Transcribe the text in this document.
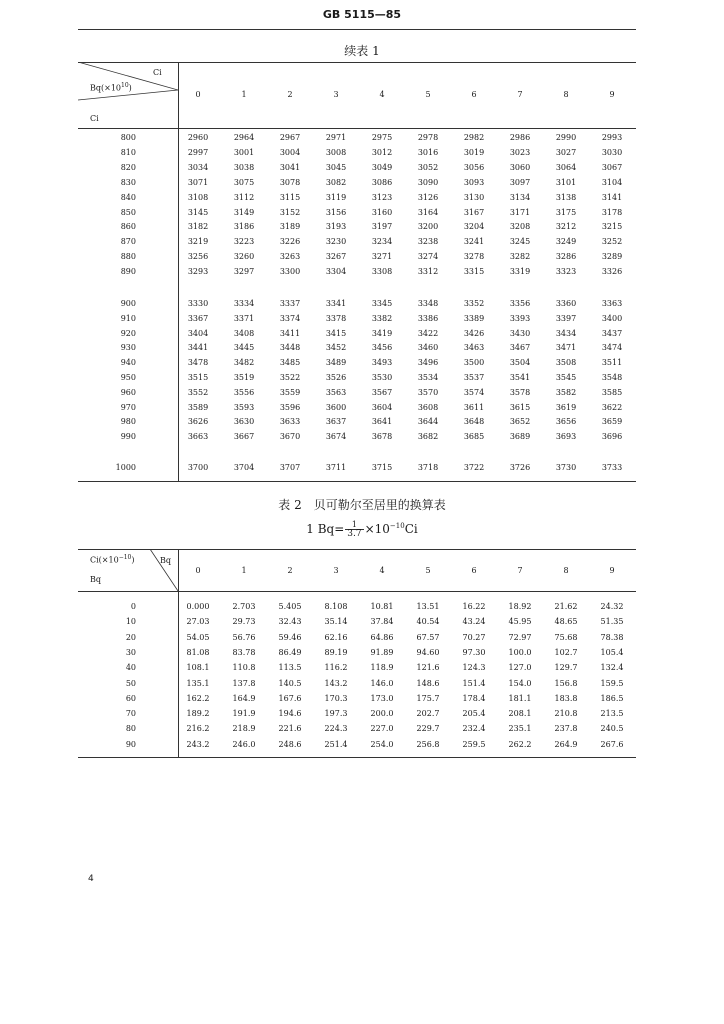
GB 5115—85
续表 1
Ci
$Bq(\times 10^{10})$
Ci
0	1	2	3	4	5	6	7	8	9
800	2960	2964	2967	2971	2975	2978	2982	2986	2990	2993
810	2997	3001	3004	3008	3012	3016	3019	3023	3027	3030
820	3034	3038	3041	3045	3049	3052	3056	3060	3064	3067
830	3071	3075	3078	3082	3086	3090	3093	3097	3101	3104
840	3108	3112	3115	3119	3123	3126	3130	3134	3138	3141
850	3145	3149	3152	3156	3160	3164	3167	3171	3175	3178
860	3182	3186	3189	3193	3197	3200	3204	3208	3212	3215
870	3219	3223	3226	3230	3234	3238	3241	3245	3249	3252
880	3256	3260	3263	3267	3271	3274	3278	3282	3286	3289
890	3293	3297	3300	3304	3308	3312	3315	3319	3323	3326
900	3330	3334	3337	3341	3345	3348	3352	3356	3360	3363
910	3367	3371	3374	3378	3382	3386	3389	3393	3397	3400
920	3404	3408	3411	3415	3419	3422	3426	3430	3434	3437
930	3441	3445	3448	3452	3456	3460	3463	3467	3471	3474
940	3478	3482	3485	3489	3493	3496	3500	3504	3508	3511
950	3515	3519	3522	3526	3530	3534	3537	3541	3545	3548
960	3552	3556	3559	3563	3567	3570	3574	3578	3582	3585
970	3589	3593	3596	3600	3604	3608	3611	3615	3619	3622
980	3626	3630	3633	3637	3641	3644	3648	3652	3656	3659
990	3663	3667	3670	3674	3678	3682	3685	3689	3693	3696
1000	3700	3704	3707	3711	3715	3718	3722	3726	3730	3733
表 2　贝可勒尔至居里的换算表
1 $Bq= \frac{1}{3.7} \times 10^{-10}Ci$
$Ci(\times 10^{-10})$	Bq
Bq
0	1	2	3	4	5	6	7	8	9
0	0.000	2.703	5.405	8.108	10.81	13.51	16.22	18.92	21.62	24.32
10	27.03	29.73	32.43	35.14	37.84	40.54	43.24	45.95	48.65	51.35
20	54.05	56.76	59.46	62.16	64.86	67.57	70.27	72.97	75.68	78.38
30	81.08	83.78	86.49	89.19	91.89	94.60	97.30	100.0	102.7	105.4
40	108.1	110.8	113.5	116.2	118.9	121.6	124.3	127.0	129.7	132.4
50	135.1	137.8	140.5	143.2	146.0	148.6	151.4	154.0	156.8	159.5
60	162.2	164.9	167.6	170.3	173.0	175.7	178.4	181.1	183.8	186.5
70	189.2	191.9	194.6	197.3	200.0	202.7	205.4	208.1	210.8	213.5
80	216.2	218.9	221.6	224.3	227.0	229.7	232.4	235.1	237.8	240.5
90	243.2	246.0	248.6	251.4	254.0	256.8	259.5	262.2	264.9	267.6
4
